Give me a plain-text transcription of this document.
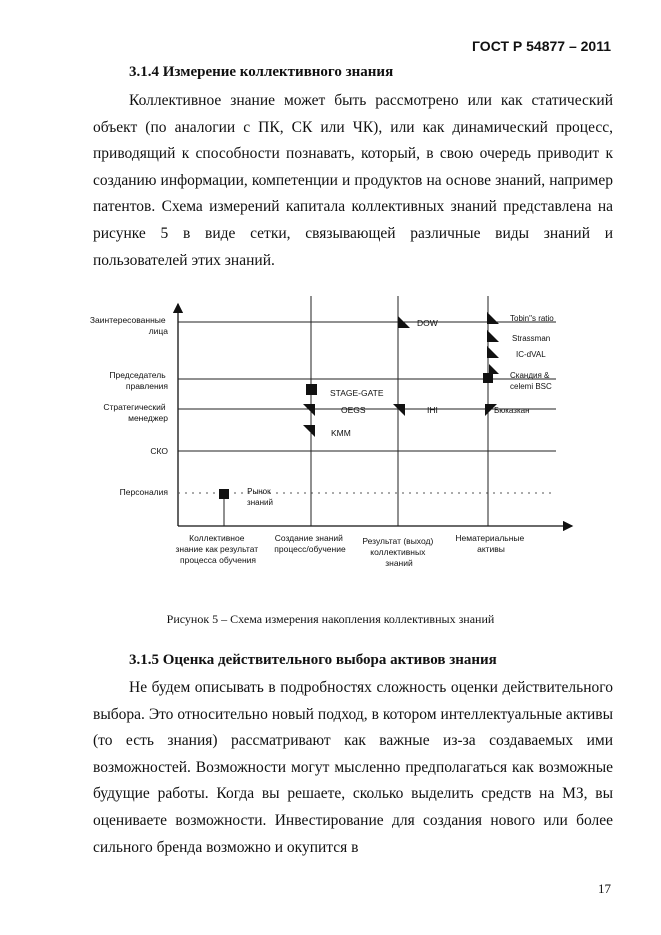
ГОСТ Р 54877 – 2011
3.1.4 Измерение коллективного знания

Коллективное знание может быть рассмотрено или как статический объект (по аналогии с ПК, СК или ЧК), или как динамический процесс, приводящий к способности познавать, который, в свою очередь приводит к созданию информации, компетенции и продуктов на основе знаний, например патентов. Схема измерений капитала коллективных знаний представлена на рисунке 5 в виде сетки, связывающей различные виды знаний и пользователей этих знаний.

Заинтересованные лица
Председатель правления
Стратегический менеджер
СКО
Персоналия
Коллективное знание как результат процесса обучения
Создание знаний процесс/обучение
Результат (выход) коллективных знаний
Нематериальные активы
DOW	Tobin"s ratio
Strassman
IC-dVAL
Скандия & celemi BSC
Бюказкан
STAGE-GATE
OEGS
KMM
IHI
Рынок знаний
Рисунок 5 – Схема измерения накопления коллективных знаний
3.1.5 Оценка действительного выбора активов знания

Не будем описывать в подробностях сложность оценки действительного выбора. Это относительно новый подход, в котором интеллектуальные активы (то есть знания) рассматривают как важные из-за создаваемых ими возможностей. Возможности могут мысленно предполагаться как возможные будущие работы. Когда вы решаете, сколько выделить средств на МЗ, вы оцениваете возможности. Инвестирование для создания нового или более сильного бренда возможно и окупится в

17
